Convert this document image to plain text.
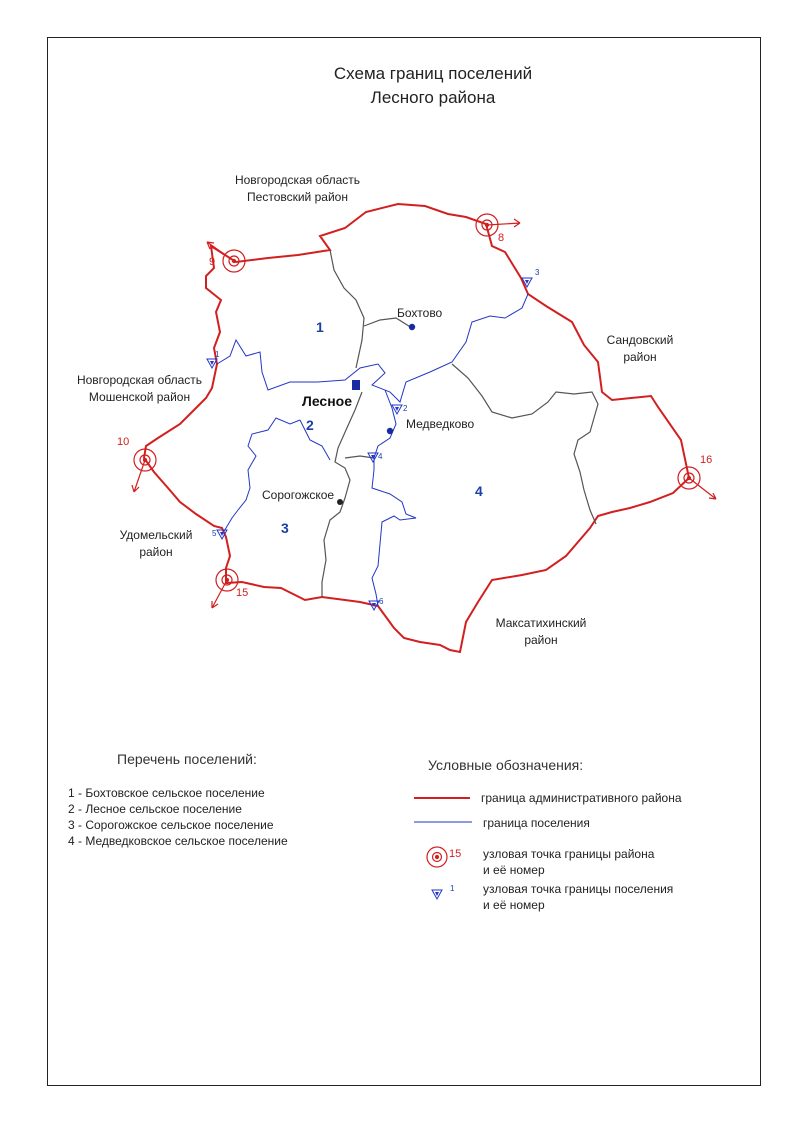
Схема границ поселений
Лесного района
Новгородская область
Пестовский район
Новгородская область
Мошенской район
Сандовский
район
Удомельский
район
Максатихинский
район
1
2
3
4
Лесное
Бохтово
Медведково
Сорогожское
8
9
10
15
16
1
2
3
4
5
6
Перечень поселений:
1 - Бохтовское сельское поселение
2 - Лесное сельское поселение
3 - Сорогожское сельское поселение
4 - Медведковское сельское поселение
Условные обозначения:
граница административного района
граница поселения
15 узловая точка границы района
и её номер
1 узловая точка границы поселения
и её номер
